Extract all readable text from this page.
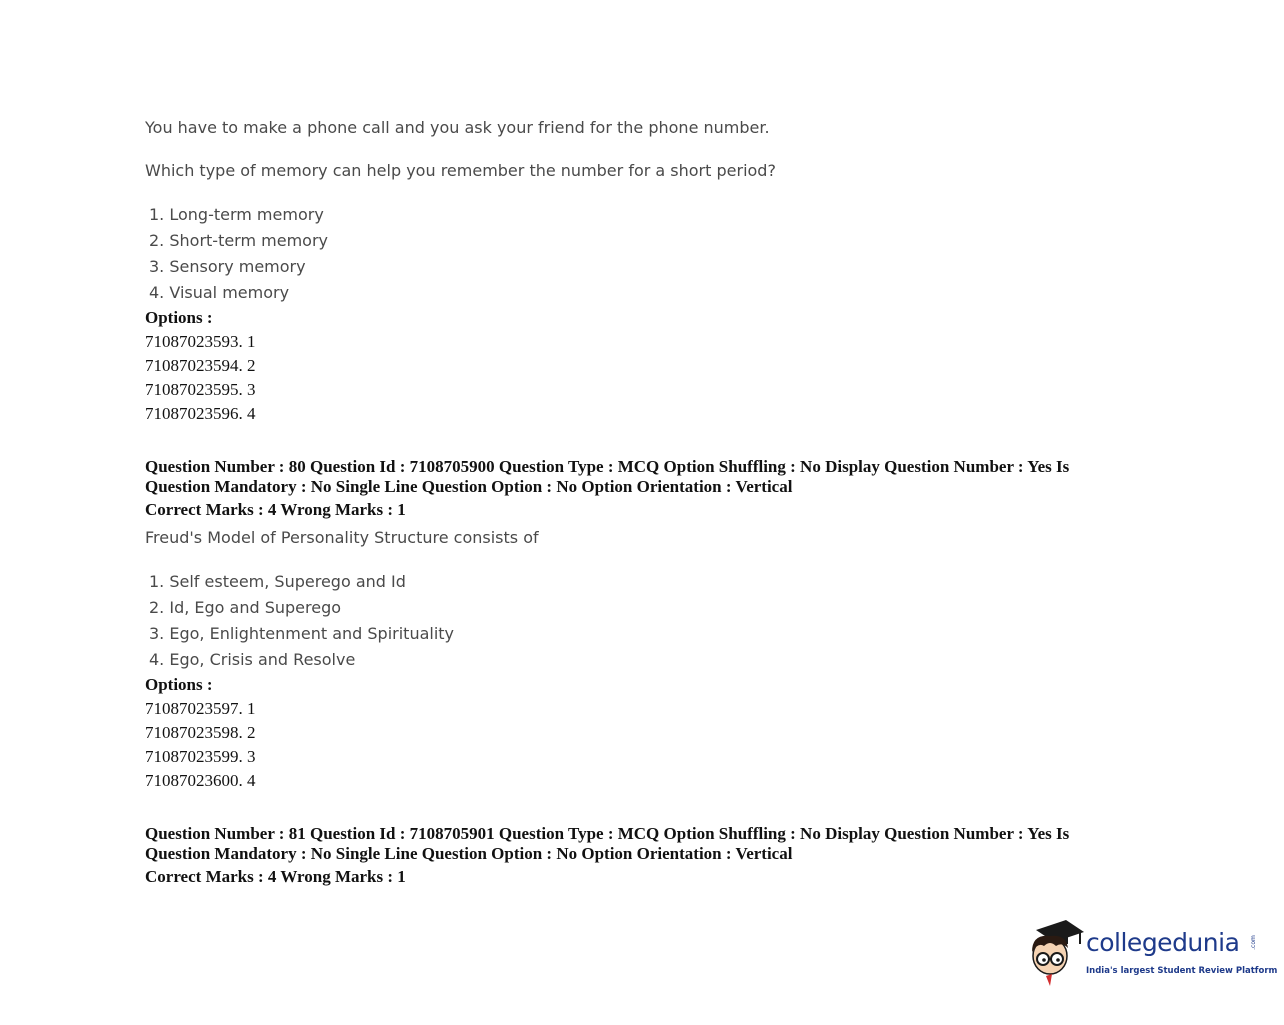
You have to make a phone call and you ask your friend for the phone number.
Which type of memory can help you remember the number for a short period?
1. Long-term memory
2. Short-term memory
3. Sensory memory
4. Visual memory
Options :
71087023593. 1
71087023594. 2
71087023595. 3
71087023596. 4
Question Number : 80 Question Id : 7108705900 Question Type : MCQ Option Shuffling : No Display Question Number : Yes Is
Question Mandatory : No Single Line Question Option : No Option Orientation : Vertical
Correct Marks : 4 Wrong Marks : 1
Freud's Model of Personality Structure consists of
1. Self esteem, Superego and Id
2. Id, Ego and Superego
3. Ego, Enlightenment and Spirituality
4. Ego, Crisis and Resolve
Options :
71087023597. 1
71087023598. 2
71087023599. 3
71087023600. 4
Question Number : 81 Question Id : 7108705901 Question Type : MCQ Option Shuffling : No Display Question Number : Yes Is
Question Mandatory : No Single Line Question Option : No Option Orientation : Vertical
Correct Marks : 4 Wrong Marks : 1
collegedunia .com
India's largest Student Review Platform
